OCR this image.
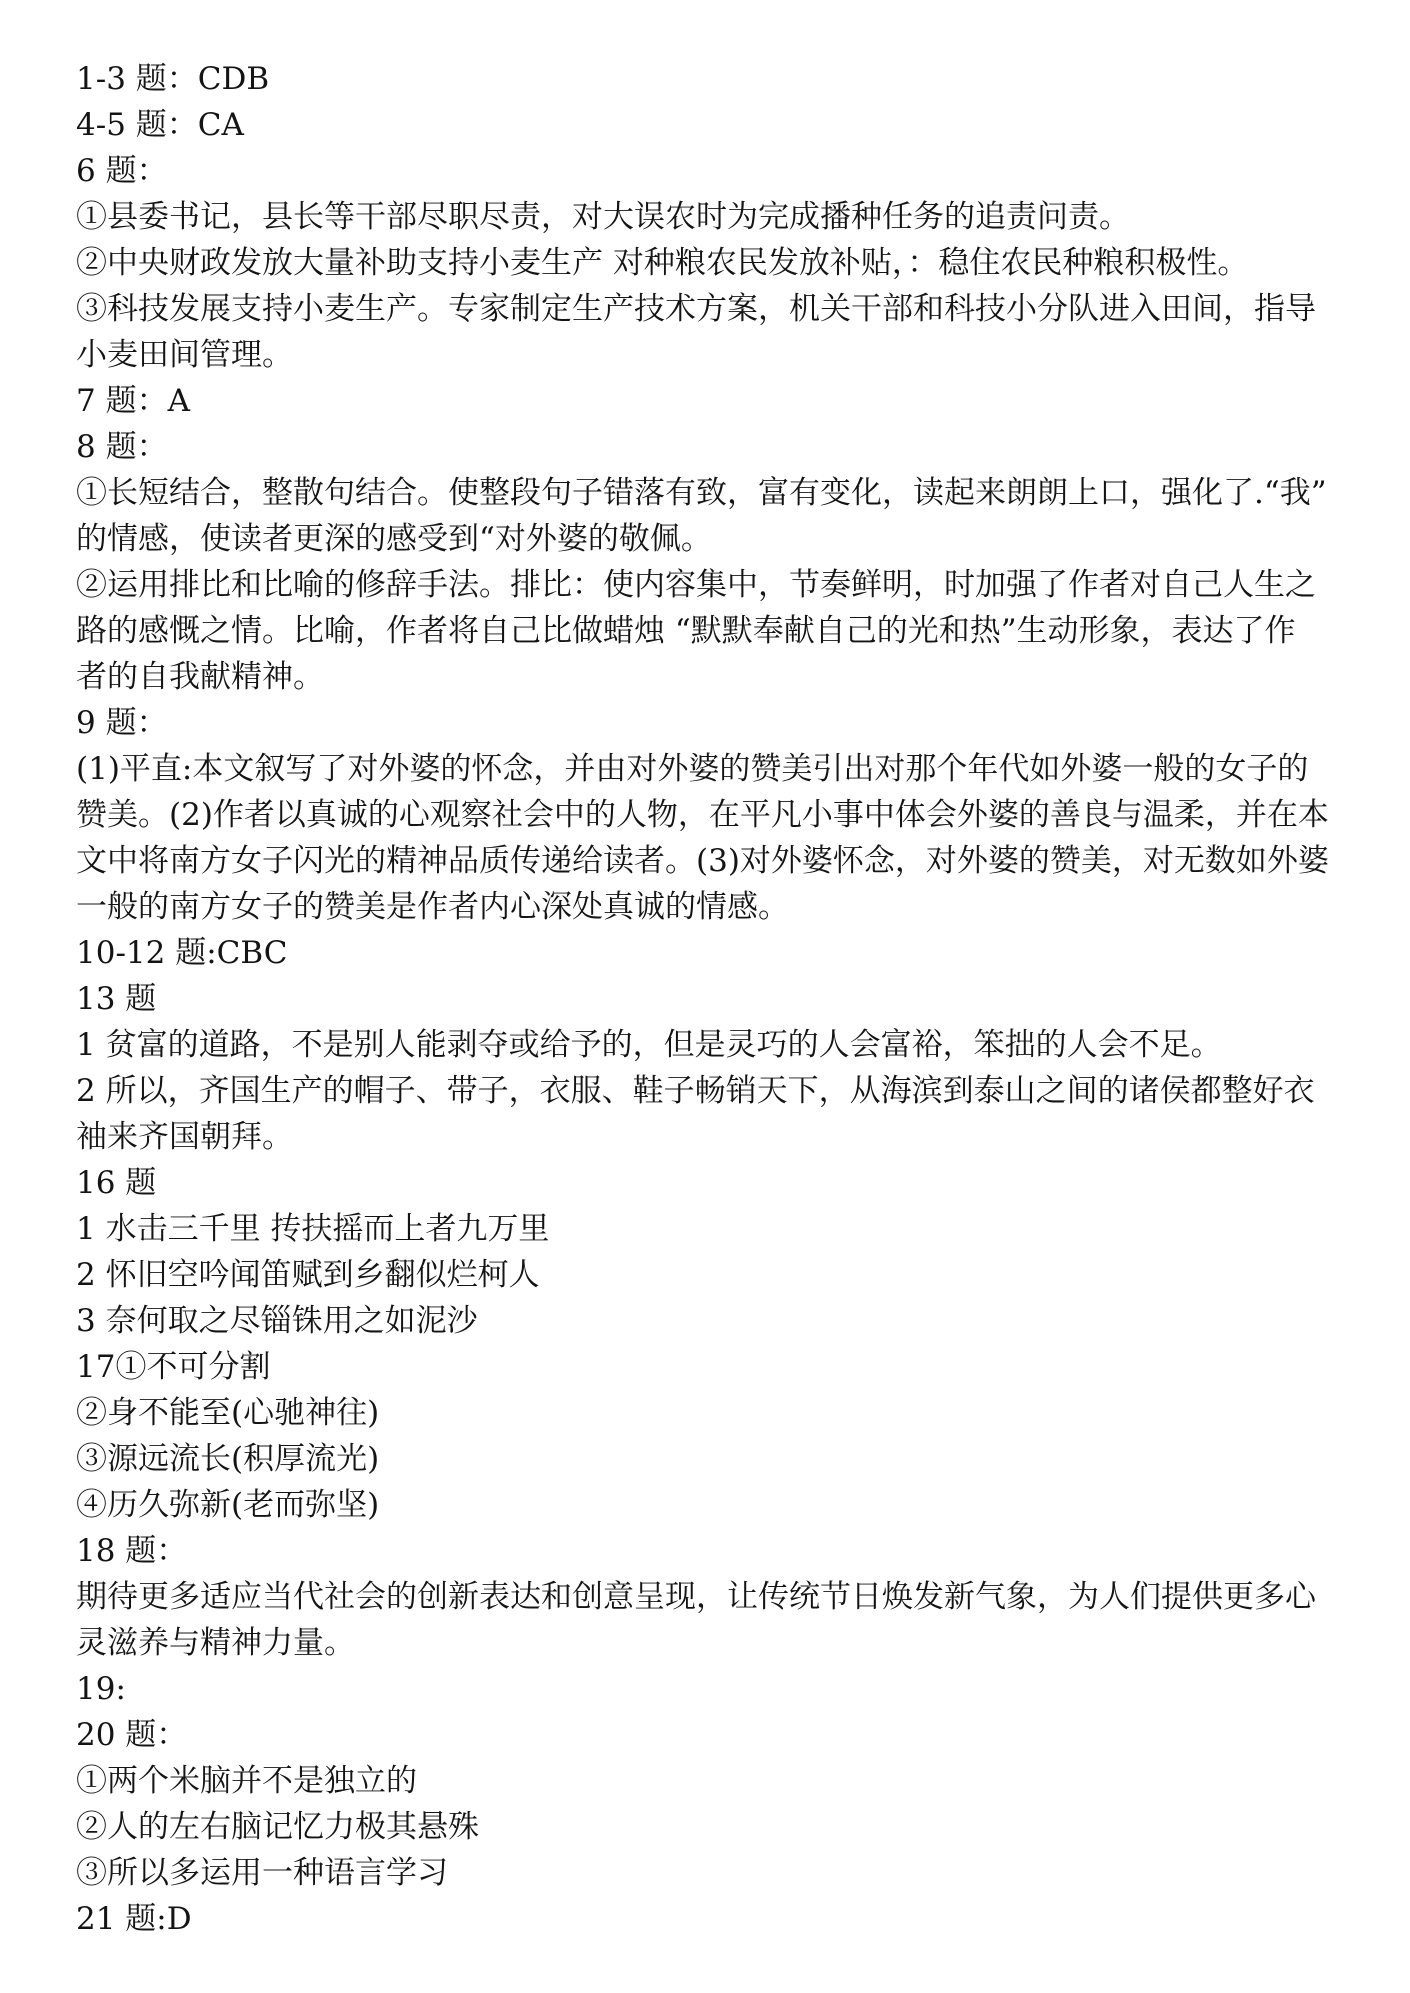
1-3 题：CDB

4-5 题：CA

6 题：

①县委书记，县长等干部尽职尽责，对大误农时为完成播种任务的追责问责。

②中央财政发放大量补助支持小麦生产 对种粮农民发放补贴，：稳住农民种粮积极性。

③科技发展支持小麦生产。专家制定生产技术方案，机关干部和科技小分队进入田间，指导

小麦田间管理。

7 题：A

8 题：

①长短结合，整散句结合。使整段句子错落有致，富有变化，读起来朗朗上口，强化了.“我”

的情感，使读者更深的感受到“对外婆的敬佩。

②运用排比和比喻的修辞手法。排比：使内容集中，节奏鲜明，时加强了作者对自己人生之

路的感慨之情。比喻，作者将自己比做蜡烛 “默默奉献自己的光和热”生动形象，表达了作

者的自我献精神。

9 题：

(1)平直:本文叙写了对外婆的怀念，并由对外婆的赞美引出对那个年代如外婆一般的女子的

赞美。(2)作者以真诚的心观察社会中的人物，在平凡小事中体会外婆的善良与温柔，并在本

文中将南方女子闪光的精神品质传递给读者。(3)对外婆怀念，对外婆的赞美，对无数如外婆

一般的南方女子的赞美是作者内心深处真诚的情感。

10-12 题:CBC

13 题

1 贫富的道路，不是别人能剥夺或给予的，但是灵巧的人会富裕，笨拙的人会不足。

2 所以，齐国生产的帽子、带子，衣服、鞋子畅销天下，从海滨到泰山之间的诸侯都整好衣

袖来齐国朝拜。

16 题

1 水击三千里 抟扶摇而上者九万里

2 怀旧空吟闻笛赋到乡翻似烂柯人

3 奈何取之尽锱铢用之如泥沙

17①不可分割

②身不能至(心驰神往)

③源远流长(积厚流光)

④历久弥新(老而弥坚)

18 题：

期待更多适应当代社会的创新表达和创意呈现，让传统节日焕发新气象，为人们提供更多心

灵滋养与精神力量。

19:

20 题：

①两个米脑并不是独立的

②人的左右脑记忆力极其悬殊

③所以多运用一种语言学习

21 题:D
